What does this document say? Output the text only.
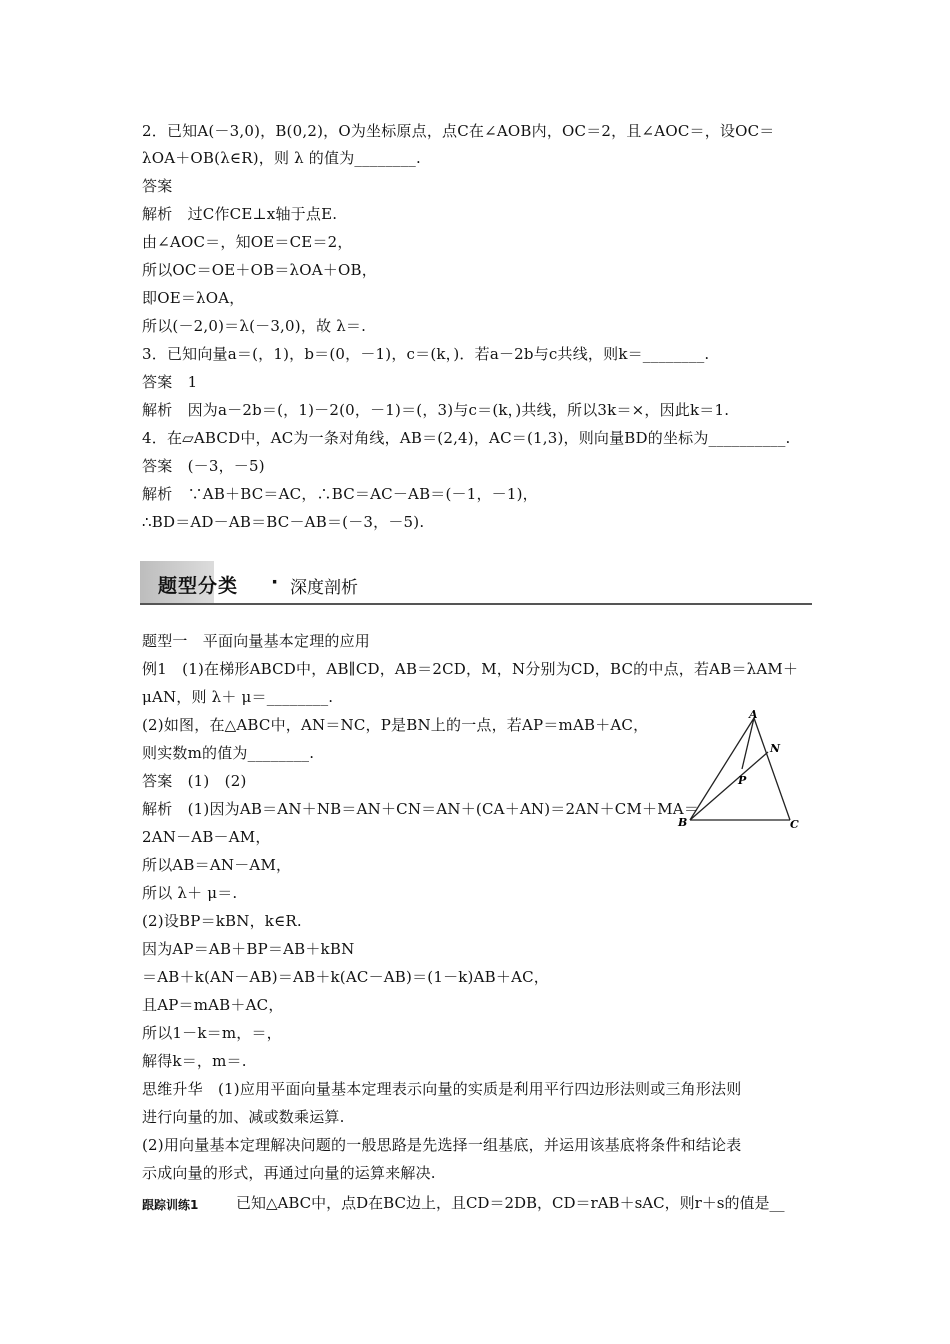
2．已知A(－3,0)，B(0,2)，O为坐标原点，点C在∠AOB内，OC＝2，且∠AOC＝，设OC＝
λOA＋OB(λ∈R)，则 λ 的值为________.
答案
解析　过C作CE⊥x轴于点E.
由∠AOC＝，知OE＝CE＝2，
所以OC＝OE＋OB＝λOA＋OB，
即OE＝λOA，
所以(－2,0)＝λ(－3,0)，故 λ＝.
3．已知向量a＝(，1)，b＝(0，－1)，c＝(k，)．若a－2b与c共线，则k＝________.
答案　1
解析　因为a－2b＝(，1)－2(0，－1)＝(，3)与c＝(k，)共线，所以3k＝×，因此k＝1.
4．在▱ABCD中，AC为一条对角线，AB＝(2,4)，AC＝(1,3)，则向量BD的坐标为__________.
答案　(－3，－5)
解析　∵AB＋BC＝AC，∴BC＝AC－AB＝(－1，－1)，
∴BD＝AD－AB＝BC－AB＝(－3，－5).
题型分类 · 深度剖析
题型一　平面向量基本定理的应用
例1　(1)在梯形ABCD中，AB∥CD，AB＝2CD，M，N分别为CD，BC的中点，若AB＝λAM＋
μAN，则 λ＋ μ＝________.
(2)如图，在△ABC中，AN＝NC，P是BN上的一点，若AP＝mAB＋AC，
则实数m的值为________.
答案　(1)　(2)
解析　(1)因为AB＝AN＋NB＝AN＋CN＝AN＋(CA＋AN)＝2AN＋CM＋MA＝
2AN－AB－AM，
所以AB＝AN－AM，
所以 λ＋ μ＝.
(2)设BP＝kBN，k∈R.
因为AP＝AB＋BP＝AB＋kBN
＝AB＋k(AN－AB)＝AB＋k(AC－AB)＝(1－k)AB＋AC，
且AP＝mAB＋AC，
所以1－k＝m，＝，
解得k＝，m＝.
思维升华　(1)应用平面向量基本定理表示向量的实质是利用平行四边形法则或三角形法则
进行向量的加、减或数乘运算.
(2)用向量基本定理解决问题的一般思路是先选择一组基底，并运用该基底将条件和结论表
示成向量的形式，再通过向量的运算来解决.
跟踪训练1	已知△ABC中，点D在BC边上，且CD＝2DB，CD＝rAB＋sAC，则r＋s的值是__
A
N
P
B	C
